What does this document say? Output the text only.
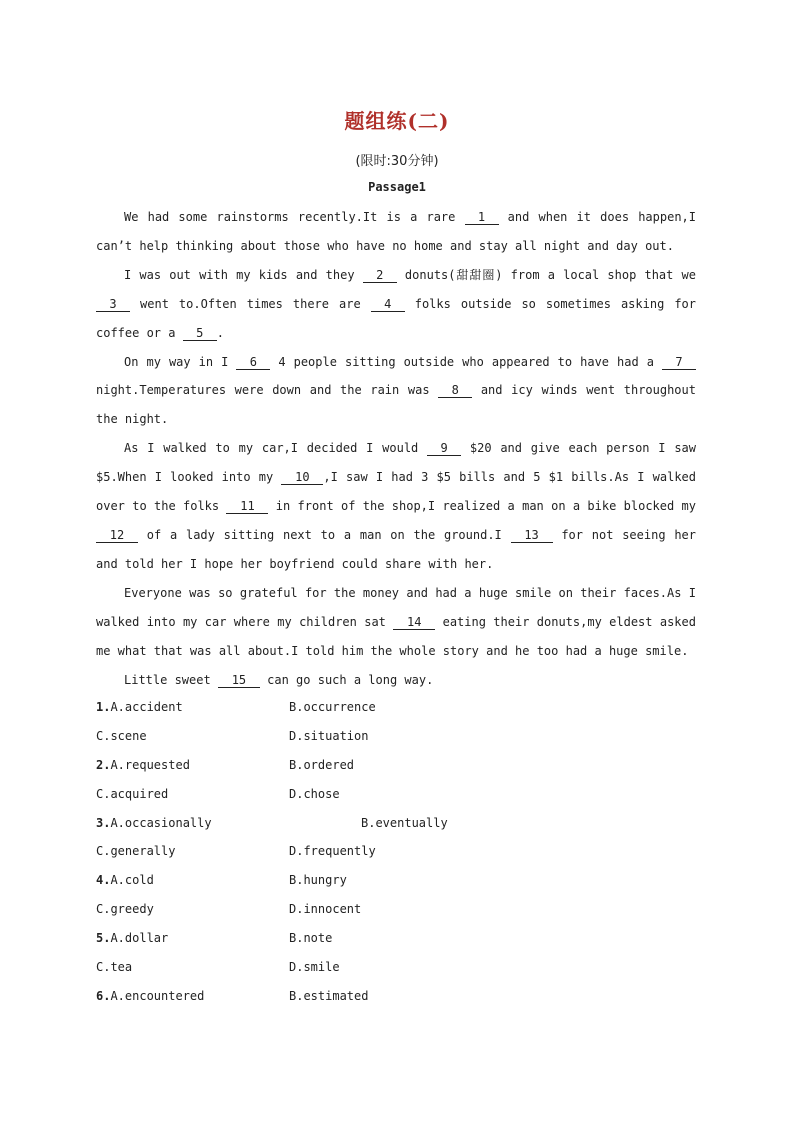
题组练(二)
(限时:30分钟)
Passage1

We had some rainstorms recently.It is a rare 1 and when it does happen,I can’t help thinking about those who have no home and stay all night and day out.

I was out with my kids and they 2 donuts(甜甜圈) from a local shop that we 3 went to.Often times there are 4 folks outside so sometimes asking for coffee or a 5 .

On my way in I 6 4 people sitting outside who appeared to have had a 7 night.Temperatures were down and the rain was 8 and icy winds went throughout the night.

As I walked to my car,I decided I would 9 $20 and give each person I saw $5.When I looked into my 10 ,I saw I had 3 $5 bills and 5 $1 bills.As I walked over to the folks 11 in front of the shop,I realized a man on a bike blocked my 12 of a lady sitting next to a man on the ground.I 13 for not seeing her and told her I hope her boyfriend could share with her.

Everyone was so grateful for the money and had a huge smile on their faces.As I walked into my car where my children sat 14 eating their donuts,my eldest asked me what that was all about.I told him the whole story and he too had a huge smile.

Little sweet 15 can go such a long way.

1.A.accident	B.occurrence
C.scene	D.situation
2.A.requested	B.ordered
C.acquired	D.chose
3.A.occasionally	B.eventually
C.generally	D.frequently
4.A.cold	B.hungry
C.greedy	D.innocent
5.A.dollar	B.note
C.tea	D.smile
6.A.encountered	B.estimated
